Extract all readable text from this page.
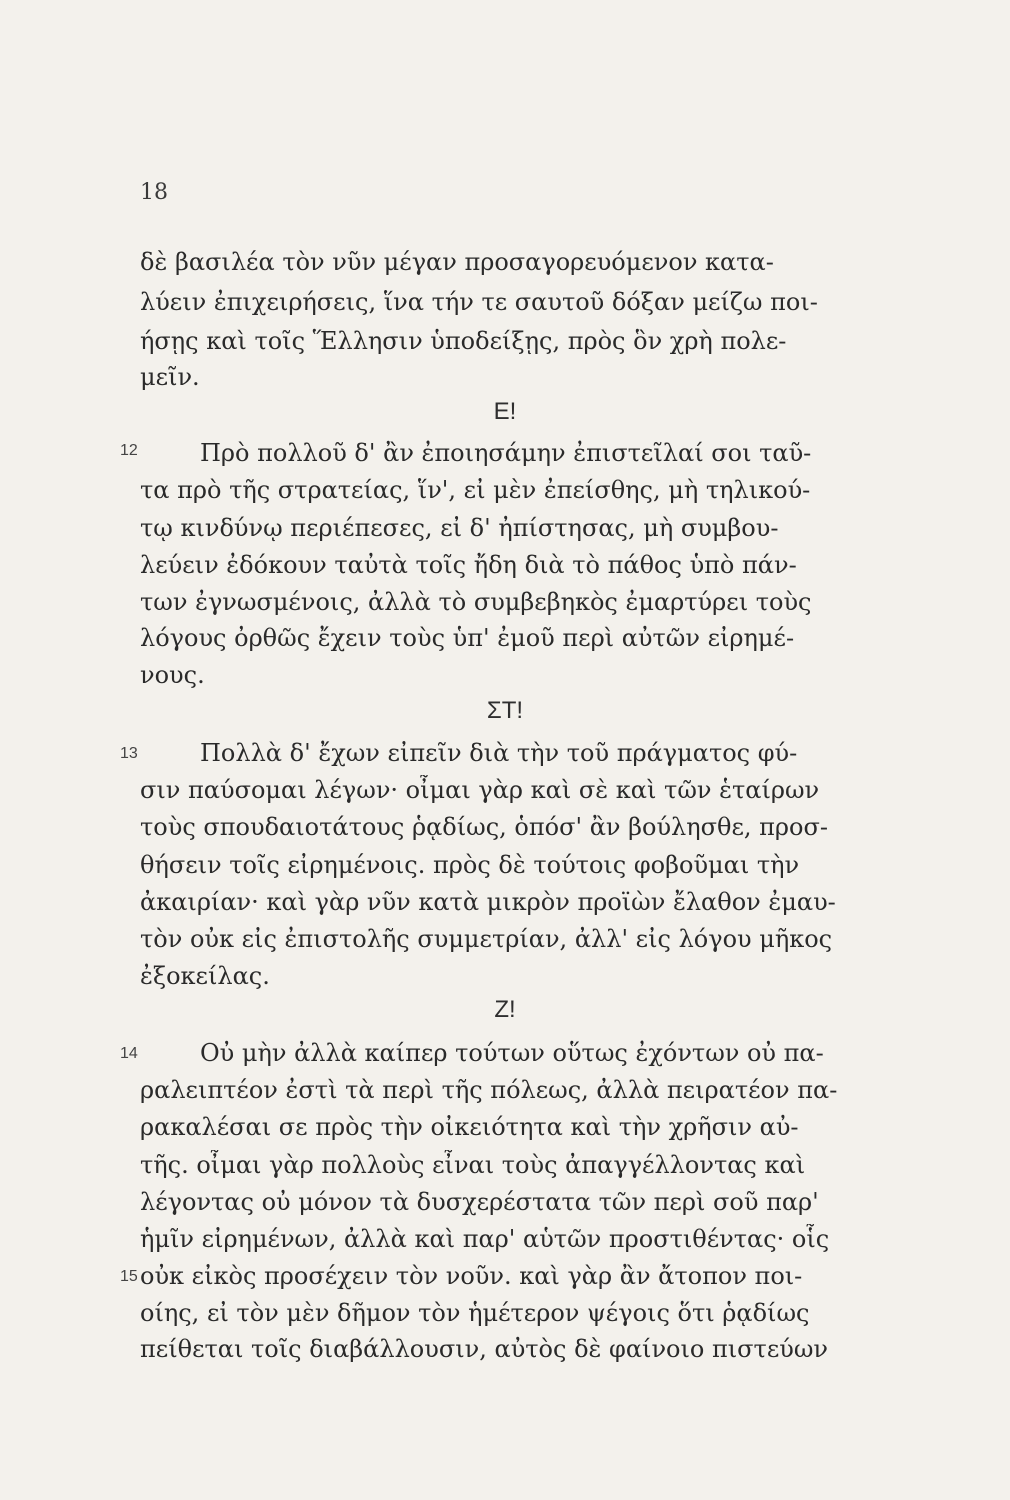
18
δὲ βασιλέα τὸν νῦν μέγαν προσαγορευόμενον κατα-
λύειν ἐπιχειρήσεις, ἵνα τήν τε σαυτοῦ δόξαν μείζω ποι-
ήσῃς καὶ τοῖς Ἕλλησιν ὑποδείξῃς, πρὸς ὃν χρὴ πολε-
μεῖν.
E!
12	Πρὸ πολλοῦ δ' ἂν ἐποιησάμην ἐπιστεῖλαί σοι ταῦ-
τα πρὸ τῆς στρατείας, ἵν', εἰ μὲν ἐπείσθης, μὴ τηλικού-
τῳ κινδύνῳ περιέπεσες, εἰ δ' ἠπίστησας, μὴ συμβου-
λεύειν ἐδόκουν ταὐτὰ τοῖς ἤδη διὰ τὸ πάθος ὑπὸ πάν-
των ἐγνωσμένοις, ἀλλὰ τὸ συμβεβηκὸς ἐμαρτύρει τοὺς
λόγους ὀρθῶς ἔχειν τοὺς ὑπ' ἐμοῦ περὶ αὐτῶν εἰρημέ-
νους.
ΣT!
13	Πολλὰ δ' ἔχων εἰπεῖν διὰ τὴν τοῦ πράγματος φύ-
σιν παύσομαι λέγων· οἶμαι γὰρ καὶ σὲ καὶ τῶν ἑταίρων
τοὺς σπουδαιοτάτους ῥᾳδίως, ὁπόσ' ἂν βούλησθε, προσ-
θήσειν τοῖς εἰρημένοις. πρὸς δὲ τούτοις φοβοῦμαι τὴν
ἀκαιρίαν· καὶ γὰρ νῦν κατὰ μικρὸν προϊὼν ἔλαθον ἐμαυ-
τὸν οὐκ εἰς ἐπιστολῆς συμμετρίαν, ἀλλ' εἰς λόγου μῆκος
ἐξοκείλας.
Z!
14	Οὐ μὴν ἀλλὰ καίπερ τούτων οὕτως ἐχόντων οὐ πα-
ραλειπτέον ἐστὶ τὰ περὶ τῆς πόλεως, ἀλλὰ πειρατέον πα-
ρακαλέσαι σε πρὸς τὴν οἰκειότητα καὶ τὴν χρῆσιν αὐ-
τῆς. οἶμαι γὰρ πολλοὺς εἶναι τοὺς ἀπαγγέλλοντας καὶ
λέγοντας οὐ μόνον τὰ δυσχερέστατα τῶν περὶ σοῦ παρ'
ἡμῖν εἰρημένων, ἀλλὰ καὶ παρ' αὑτῶν προστιθέντας· οἷς
15 οὐκ εἰκὸς προσέχειν τὸν νοῦν. καὶ γὰρ ἂν ἄτοπον ποι-
οίης, εἰ τὸν μὲν δῆμον τὸν ἡμέτερον ψέγοις ὅτι ῥᾳδίως
πείθεται τοῖς διαβάλλουσιν, αὐτὸς δὲ φαίνοιο πιστεύων
